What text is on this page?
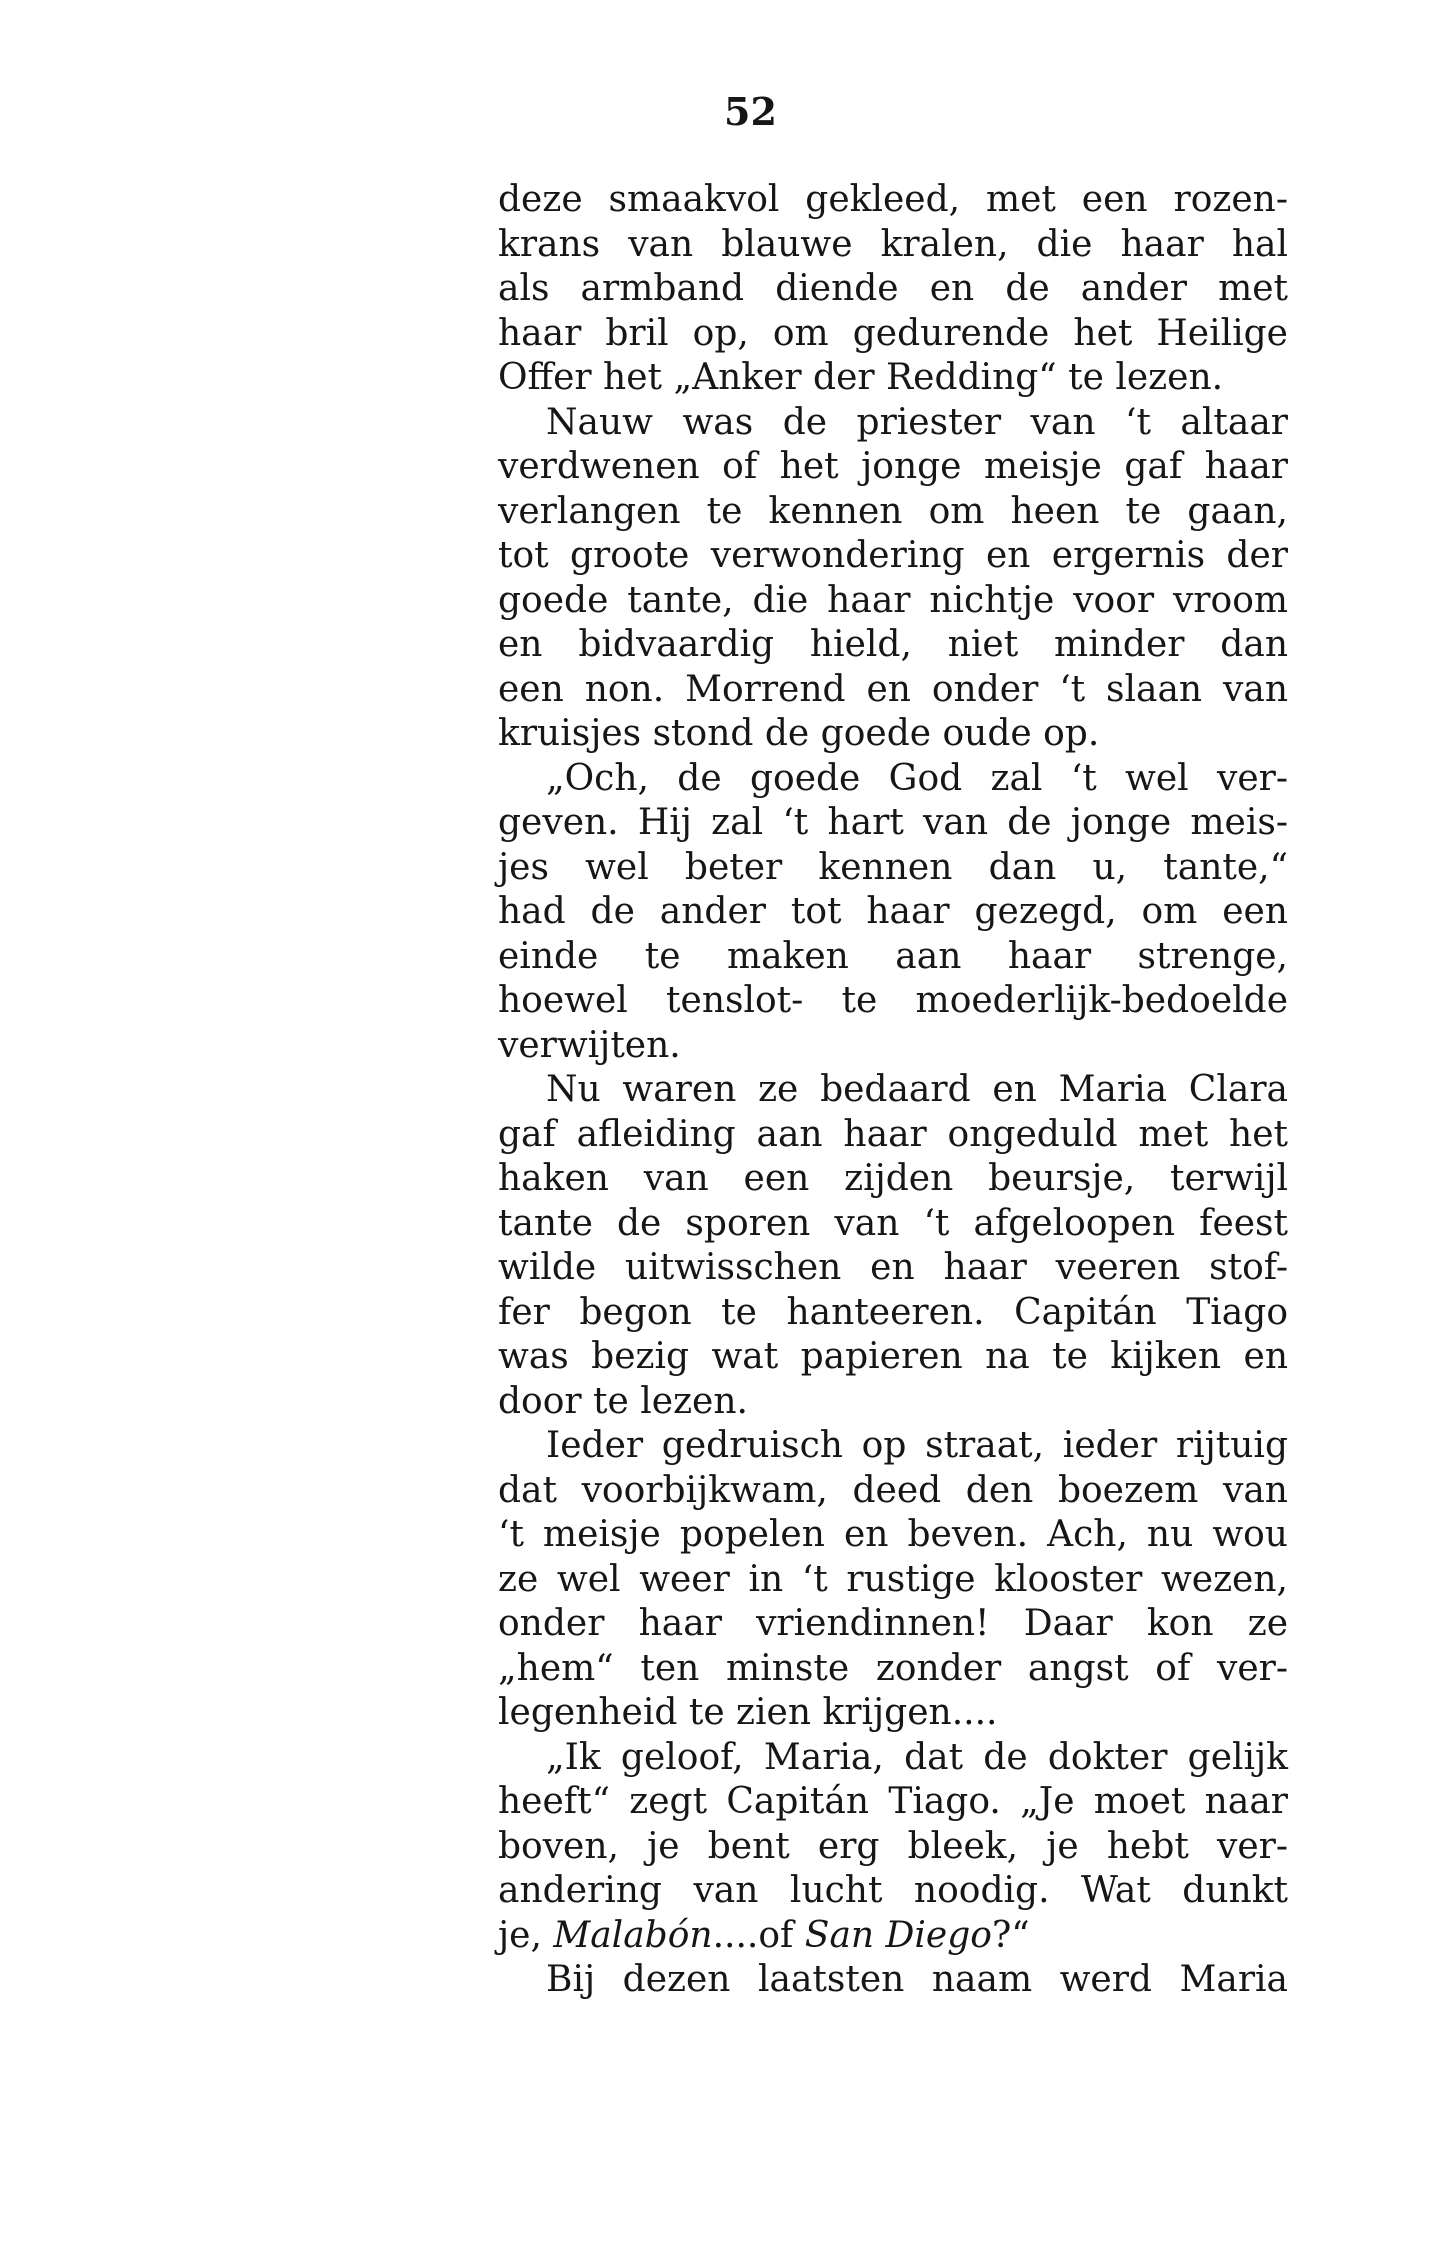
52
deze smaakvol gekleed, met een rozen-
krans van blauwe kralen, die haar hal
als armband diende en de ander met
haar bril op, om gedurende het Heilige
Offer het „Anker der Redding“ te lezen.
Nauw was de priester van ‘t altaar
verdwenen of het jonge meisje gaf haar
verlangen te kennen om heen te gaan,
tot groote verwondering en ergernis der
goede tante, die haar nichtje voor vroom
en bidvaardig hield, niet minder dan
een non. Morrend en onder ‘t slaan van
kruisjes stond de goede oude op.
„Och, de goede God zal ‘t wel ver-
geven. Hij zal ‘t hart van de jonge meis-
jes wel beter kennen dan u, tante,“
had de ander tot haar gezegd, om een
einde te maken aan haar strenge,
hoewel tenslot- te moederlijk-bedoelde
verwijten.
Nu waren ze bedaard en Maria Clara
gaf afleiding aan haar ongeduld met het
haken van een zijden beursje, terwijl
tante de sporen van ‘t afgeloopen feest
wilde uitwisschen en haar veeren stof-
fer begon te hanteeren. Capitán Tiago
was bezig wat papieren na te kijken en
door te lezen.
Ieder gedruisch op straat, ieder rijtuig
dat voorbijkwam, deed den boezem van
‘t meisje popelen en beven. Ach, nu wou
ze wel weer in ‘t rustige klooster wezen,
onder haar vriendinnen! Daar kon ze
„hem“ ten minste zonder angst of ver-
legenheid te zien krijgen....
„Ik geloof, Maria, dat de dokter gelijk
heeft“ zegt Capitán Tiago. „Je moet naar
boven, je bent erg bleek, je hebt ver-
andering van lucht noodig. Wat dunkt
je, Malabón....of San Diego?“
Bij dezen laatsten naam werd Maria
